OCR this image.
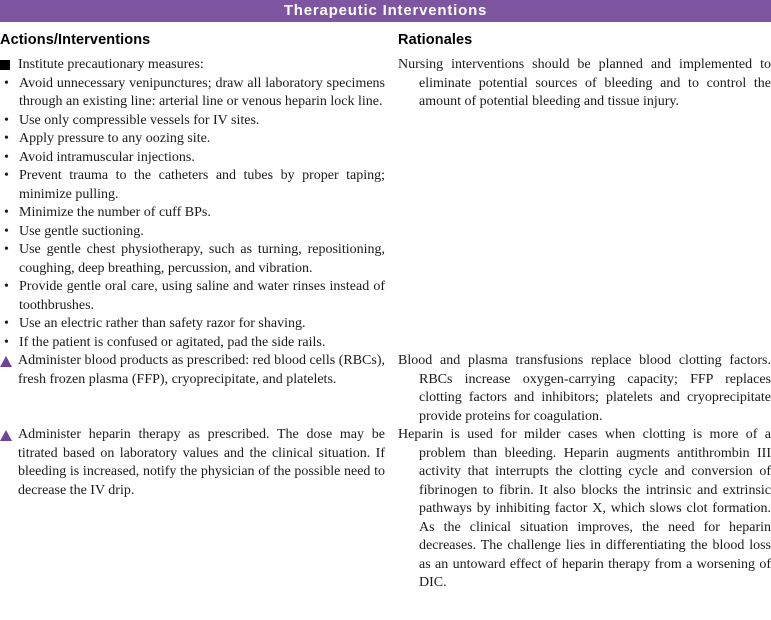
Therapeutic Interventions
Actions/Interventions	Rationales
Institute precautionary measures:
• Avoid unnecessary venipunctures; draw all laboratory specimens through an existing line: arterial line or venous heparin lock line.
• Use only compressible vessels for IV sites.
• Apply pressure to any oozing site.
• Avoid intramuscular injections.
• Prevent trauma to the catheters and tubes by proper taping; minimize pulling.
• Minimize the number of cuff BPs.
• Use gentle suctioning.
• Use gentle chest physiotherapy, such as turning, repositioning, coughing, deep breathing, percussion, and vibration.
• Provide gentle oral care, using saline and water rinses instead of toothbrushes.
• Use an electric rather than safety razor for shaving.
• If the patient is confused or agitated, pad the side rails.

Nursing interventions should be planned and implemented to eliminate potential sources of bleeding and to control the amount of potential bleeding and tissue injury.

Administer blood products as prescribed: red blood cells (RBCs), fresh frozen plasma (FFP), cryoprecipitate, and platelets.

Blood and plasma transfusions replace blood clotting factors. RBCs increase oxygen-carrying capacity; FFP replaces clotting factors and inhibitors; platelets and cryoprecipitate provide proteins for coagulation.

Administer heparin therapy as prescribed. The dose may be titrated based on laboratory values and the clinical situation. If bleeding is increased, notify the physician of the possible need to decrease the IV drip.

Heparin is used for milder cases when clotting is more of a problem than bleeding. Heparin augments antithrombin III activity that interrupts the clotting cycle and conversion of fibrinogen to fibrin. It also blocks the intrinsic and extrinsic pathways by inhibiting factor X, which slows clot formation. As the clinical situation improves, the need for heparin decreases. The challenge lies in differentiating the blood loss as an untoward effect of heparin therapy from a worsening of DIC.
